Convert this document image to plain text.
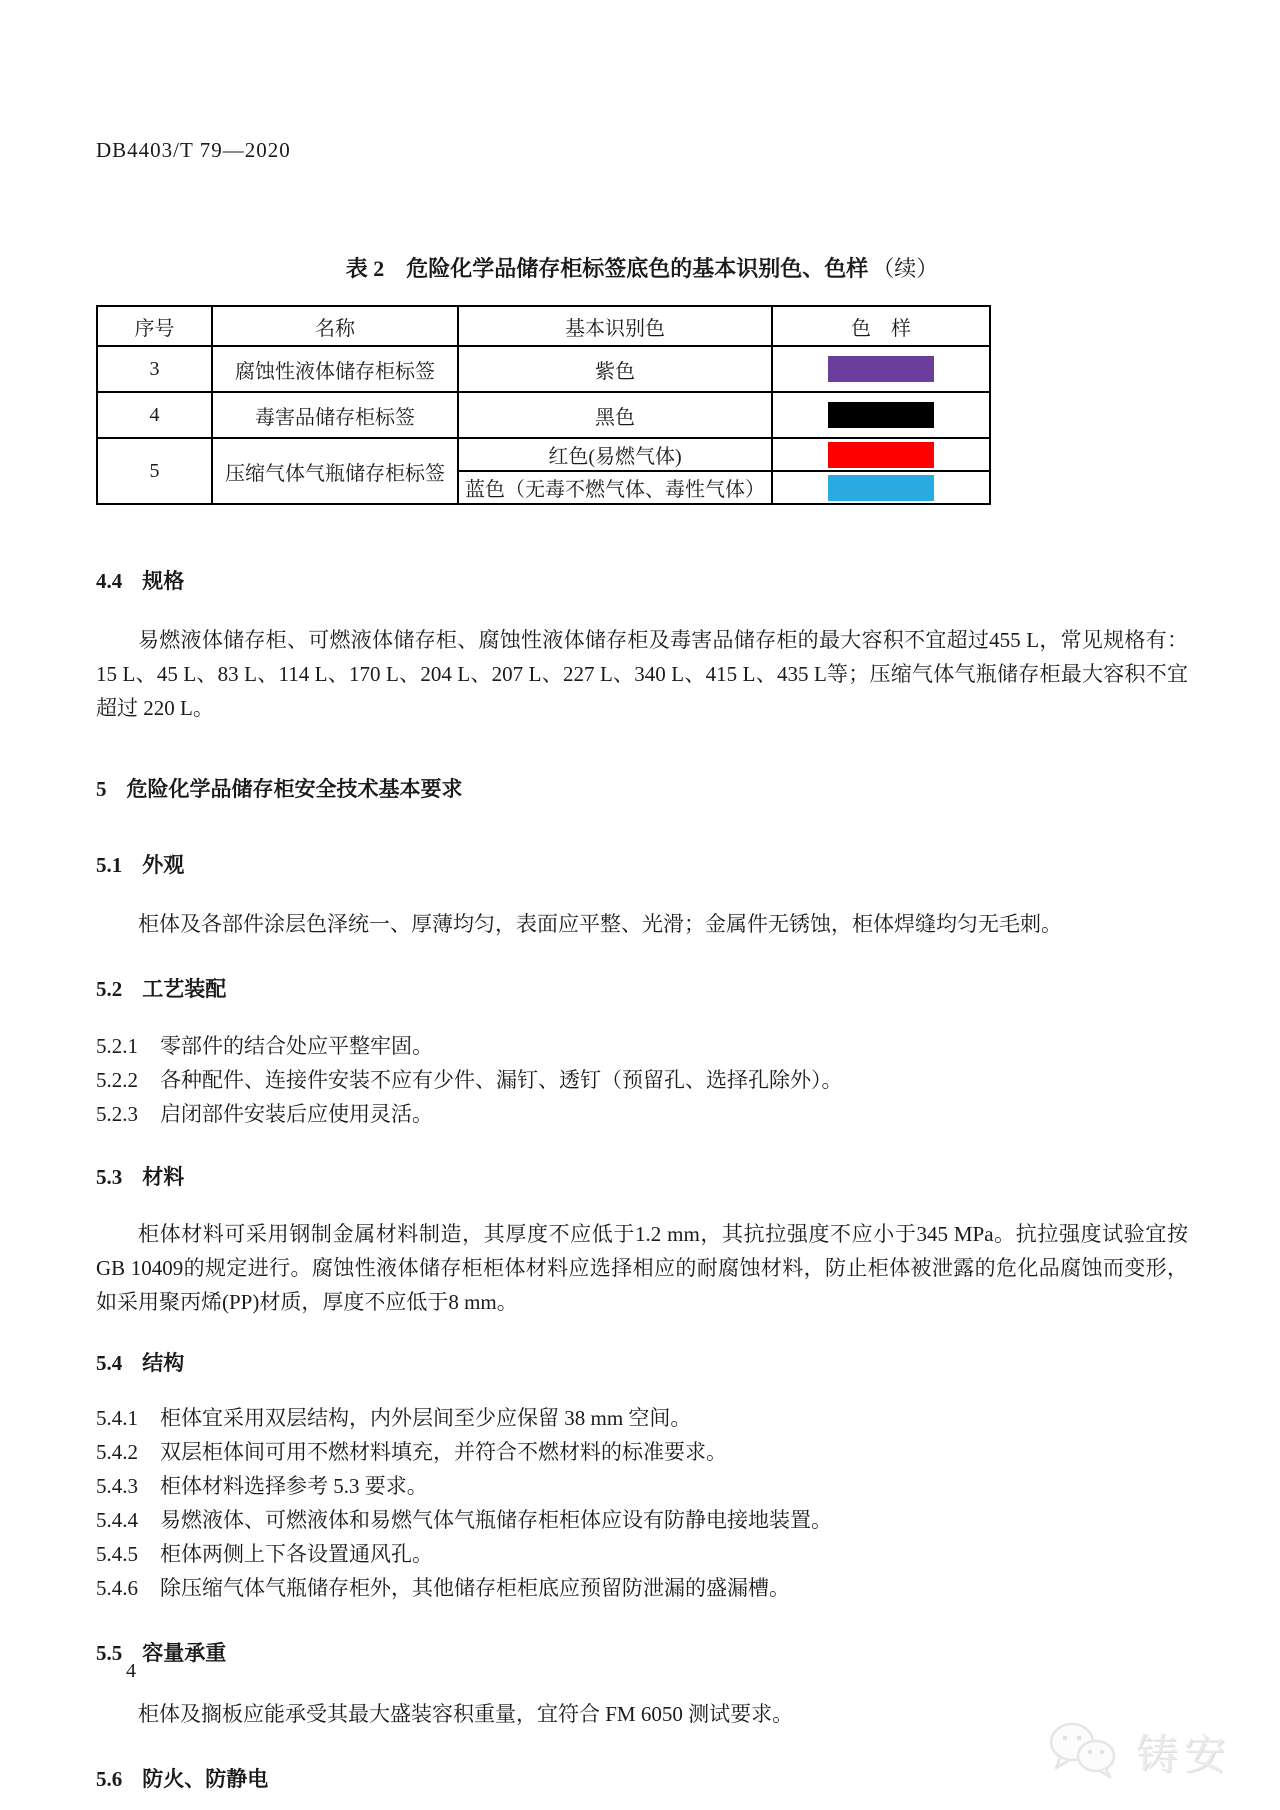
DB4403/T 79—2020
表 2　危险化学品储存柜标签底色的基本识别色、色样 （续）
序号	名称	基本识别色	色　样
3	腐蚀性液体储存柜标签	紫色	

4	毒害品储存柜标签	黑色	

5	压缩气体气瓶储存柜标签	红色(易燃气体)	

		蓝色（无毒不燃气体、毒性气体）	
4.4 规格

易燃液体储存柜、可燃液体储存柜、腐蚀性液体储存柜及毒害品储存柜的最大容积不宜超过455 L，常见规格有：15 L、45 L、83 L、114 L、170 L、204 L、207 L、227 L、340 L、415 L、435 L等；压缩气体气瓶储存柜最大容积不宜超过 220 L。

5 危险化学品储存柜安全技术基本要求
5.1 外观

柜体及各部件涂层色泽统一、厚薄均匀，表面应平整、光滑；金属件无锈蚀，柜体焊缝均匀无毛刺。

5.2 工艺装配

5.2.1 零部件的结合处应平整牢固。

5.2.2 各种配件、连接件安装不应有少件、漏钉、透钉（预留孔、选择孔除外）。

5.2.3 启闭部件安装后应使用灵活。

5.3 材料

柜体材料可采用钢制金属材料制造，其厚度不应低于1.2 mm，其抗拉强度不应小于345 MPa。抗拉强度试验宜按GB 10409的规定进行。腐蚀性液体储存柜柜体材料应选择相应的耐腐蚀材料，防止柜体被泄露的危化品腐蚀而变形，如采用聚丙烯(PP)材质，厚度不应低于8 mm。

5.4 结构

5.4.1 柜体宜采用双层结构，内外层间至少应保留 38 mm 空间。

5.4.2 双层柜体间可用不燃材料填充，并符合不燃材料的标准要求。

5.4.3 柜体材料选择参考 5.3 要求。

5.4.4 易燃液体、可燃液体和易燃气体气瓶储存柜柜体应设有防静电接地装置。

5.4.5 柜体两侧上下各设置通风孔。

5.4.6 除压缩气体气瓶储存柜外，其他储存柜柜底应预留防泄漏的盛漏槽。

5.5 容量承重

柜体及搁板应能承受其最大盛装容积重量，宜符合 FM 6050 测试要求。

5.6 防火、防静电
4
铸安
